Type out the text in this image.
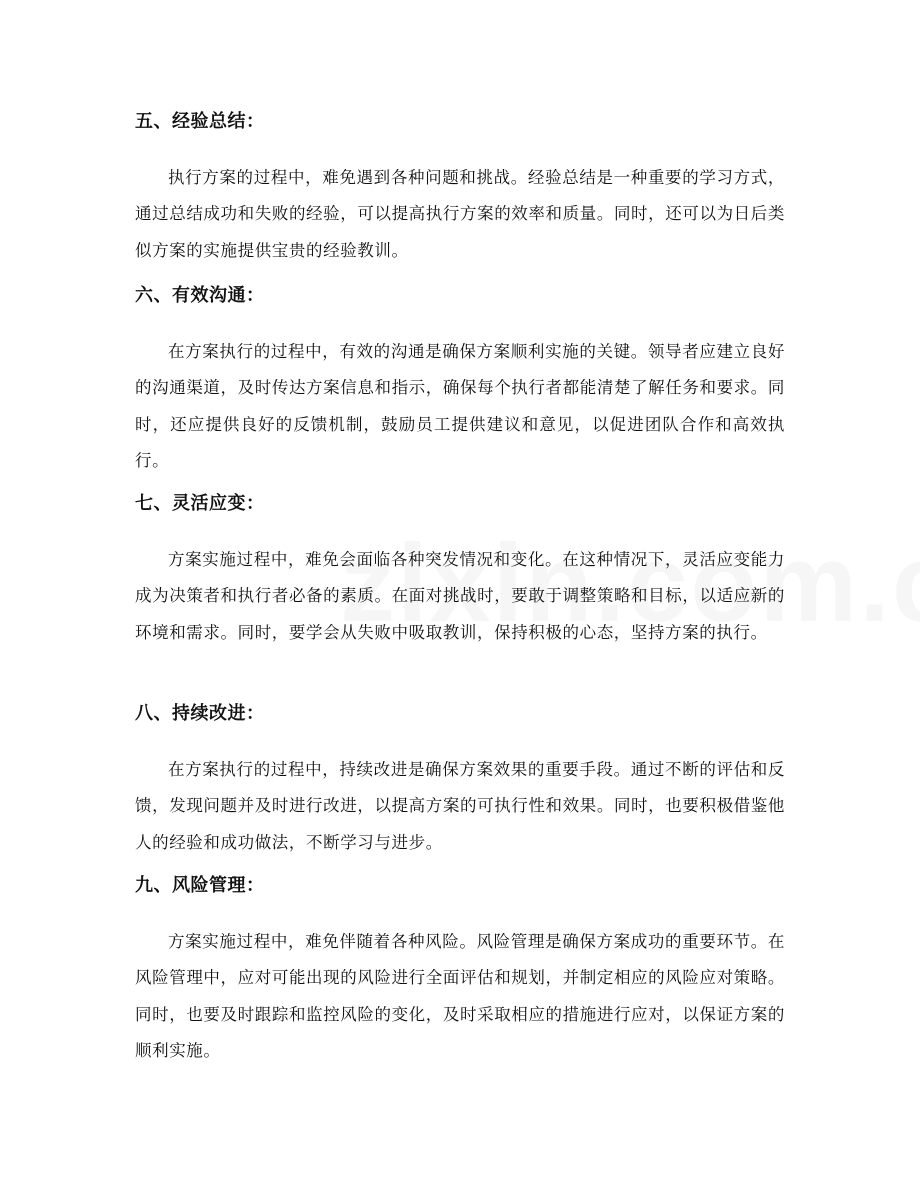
五、经验总结：

执行方案的过程中，难免遇到各种问题和挑战。经验总结是一种重要的学习方式，通过总结成功和失败的经验，可以提高执行方案的效率和质量。同时，还可以为日后类似方案的实施提供宝贵的经验教训。

六、有效沟通：

在方案执行的过程中，有效的沟通是确保方案顺利实施的关键。领导者应建立良好的沟通渠道，及时传达方案信息和指示，确保每个执行者都能清楚了解任务和要求。同时，还应提供良好的反馈机制，鼓励员工提供建议和意见，以促进团队合作和高效执行。

七、灵活应变：

方案实施过程中，难免会面临各种突发情况和变化。在这种情况下，灵活应变能力成为决策者和执行者必备的素质。在面对挑战时，要敢于调整策略和目标，以适应新的环境和需求。同时，要学会从失败中吸取教训，保持积极的心态，坚持方案的执行。

八、持续改进：

在方案执行的过程中，持续改进是确保方案效果的重要手段。通过不断的评估和反馈，发现问题并及时进行改进，以提高方案的可执行性和效果。同时，也要积极借鉴他人的经验和成功做法，不断学习与进步。

九、风险管理：

方案实施过程中，难免伴随着各种风险。风险管理是确保方案成功的重要环节。在风险管理中，应对可能出现的风险进行全面评估和规划，并制定相应的风险应对策略。同时，也要及时跟踪和监控风险的变化，及时采取相应的措施进行应对，以保证方案的顺利实施。
